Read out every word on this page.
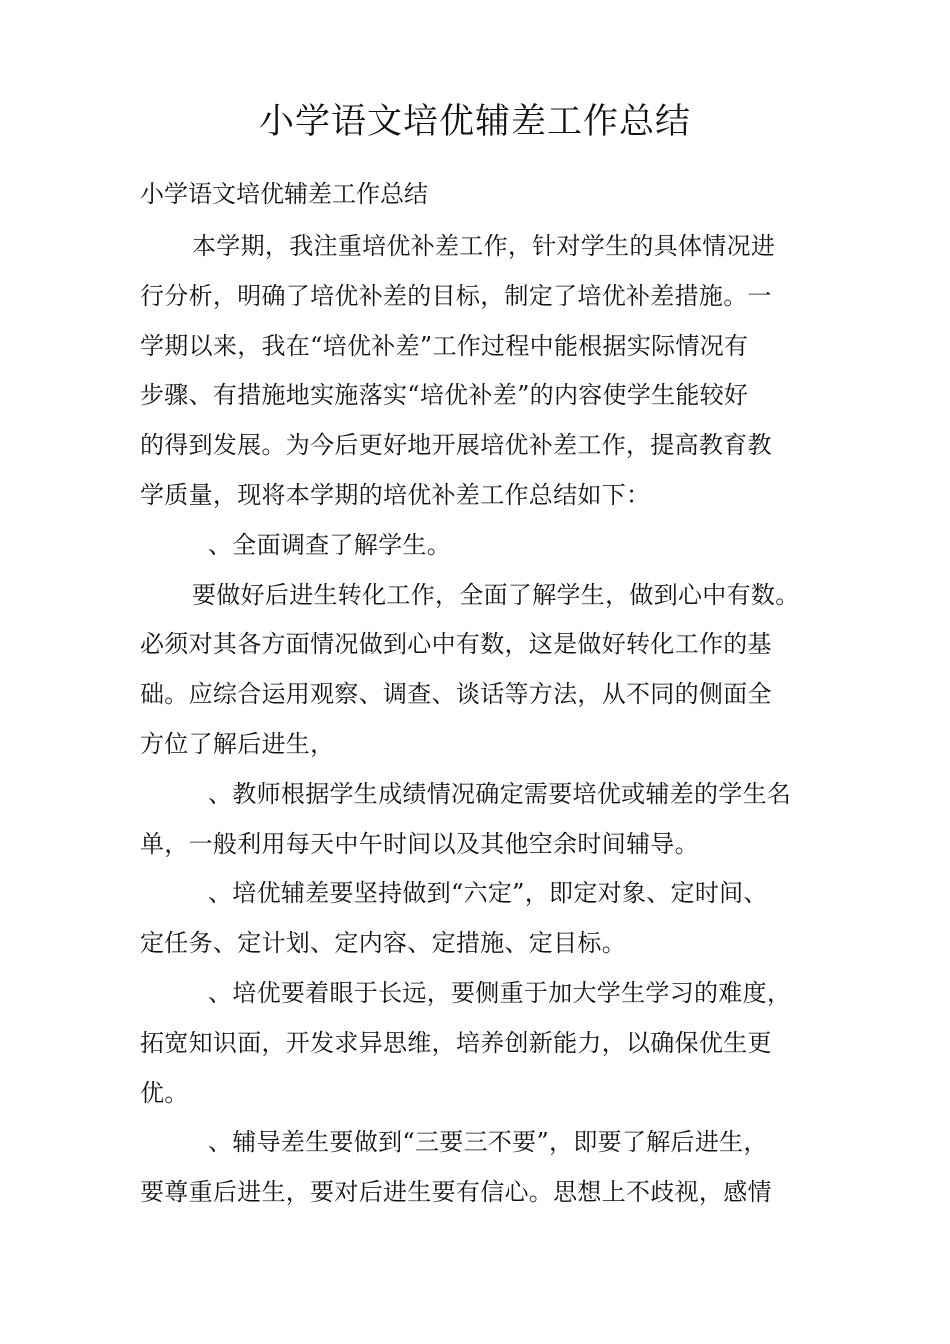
小学语文培优辅差工作总结

小学语文培优辅差工作总结

本学期，我注重培优补差工作，针对学生的具体情况进
行分析，明确了培优补差的目标，制定了培优补差措施。一
学期以来，我在“培优补差”工作过程中能根据实际情况有
步骤、有措施地实施落实“培优补差”的内容使学生能较好
的得到发展。为今后更好地开展培优补差工作，提高教育教
学质量，现将本学期的培优补差工作总结如下：
、全面调查了解学生。
要做好后进生转化工作，全面了解学生，做到心中有数。
必须对其各方面情况做到心中有数，这是做好转化工作的基
础。应综合运用观察、调查、谈话等方法，从不同的侧面全
方位了解后进生，
、教师根据学生成绩情况确定需要培优或辅差的学生名
单，一般利用每天中午时间以及其他空余时间辅导。
、培优辅差要坚持做到“六定”，即定对象、定时间、
定任务、定计划、定内容、定措施、定目标。
、培优要着眼于长远，要侧重于加大学生学习的难度，
拓宽知识面，开发求异思维，培养创新能力，以确保优生更
优。
、辅导差生要做到“三要三不要”，即要了解后进生，
要尊重后进生，要对后进生要有信心。思想上不歧视，感情
